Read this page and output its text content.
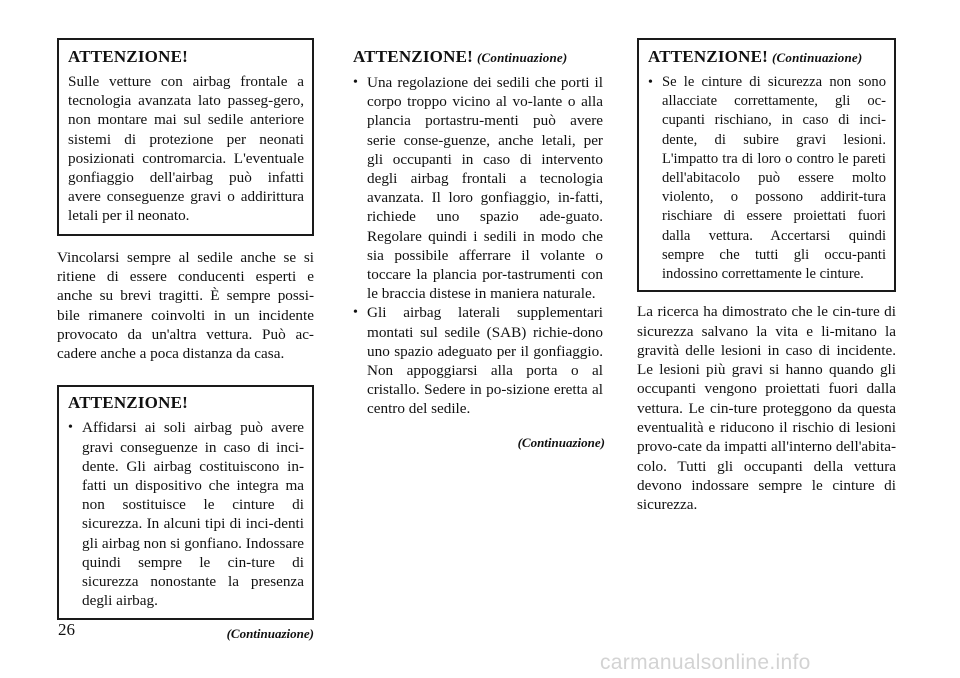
ATTENZIONE!

Sulle vetture con airbag frontale a tecnologia avanzata lato passeg-gero, non montare mai sul sedile anteriore sistemi di protezione per neonati posizionati contromarcia. L'eventuale gonfiaggio dell'airbag può infatti avere conseguenze gravi o addirittura letali per il neonato.

Vincolarsi sempre al sedile anche se si ritiene di essere conducenti esperti e anche su brevi tragitti. È sempre possi-bile rimanere coinvolti in un incidente provocato da un'altra vettura. Può ac-cadere anche a poca distanza da casa.

ATTENZIONE!
• Affidarsi ai soli airbag può avere gravi conseguenze in caso di inci-dente. Gli airbag costituiscono in-fatti un dispositivo che integra ma non sostituisce le cinture di sicurezza. In alcuni tipi di inci-denti gli airbag non si gonfiano. Indossare quindi sempre le cin-ture di sicurezza nonostante la presenza degli airbag.

(Continuazione)

ATTENZIONE! (Continuazione)
• Una regolazione dei sedili che porti il corpo troppo vicino al vo-lante o alla plancia portastru-menti può avere serie conse-guenze, anche letali, per gli occupanti in caso di intervento degli airbag frontali a tecnologia avanzata. Il loro gonfiaggio, in-fatti, richiede uno spazio ade-guato. Regolare quindi i sedili in modo che sia possibile afferrare il volante o toccare la plancia por-tastrumenti con le braccia distese in maniera naturale.
• Gli airbag laterali supplementari montati sul sedile (SAB) richie-dono uno spazio adeguato per il gonfiaggio. Non appoggiarsi alla porta o al cristallo. Sedere in po-sizione eretta al centro del sedile.

(Continuazione)

ATTENZIONE! (Continuazione)
• Se le cinture di sicurezza non sono allacciate correttamente, gli oc-cupanti rischiano, in caso di inci-dente, di subire gravi lesioni. L'impatto tra di loro o contro le pareti dell'abitacolo può essere molto violento, o possono addirit-tura rischiare di essere proiettati fuori dalla vettura. Accertarsi quindi sempre che tutti gli occu-panti indossino correttamente le cinture.

La ricerca ha dimostrato che le cin-ture di sicurezza salvano la vita e li-mitano la gravità delle lesioni in caso di incidente. Le lesioni più gravi si hanno quando gli occupanti vengono proiettati fuori dalla vettura. Le cin-ture proteggono da questa eventualità e riducono il rischio di lesioni provo-cate da impatti all'interno dell'abita-colo. Tutti gli occupanti della vettura devono indossare sempre le cinture di sicurezza.

26
carmanualsonline.info
